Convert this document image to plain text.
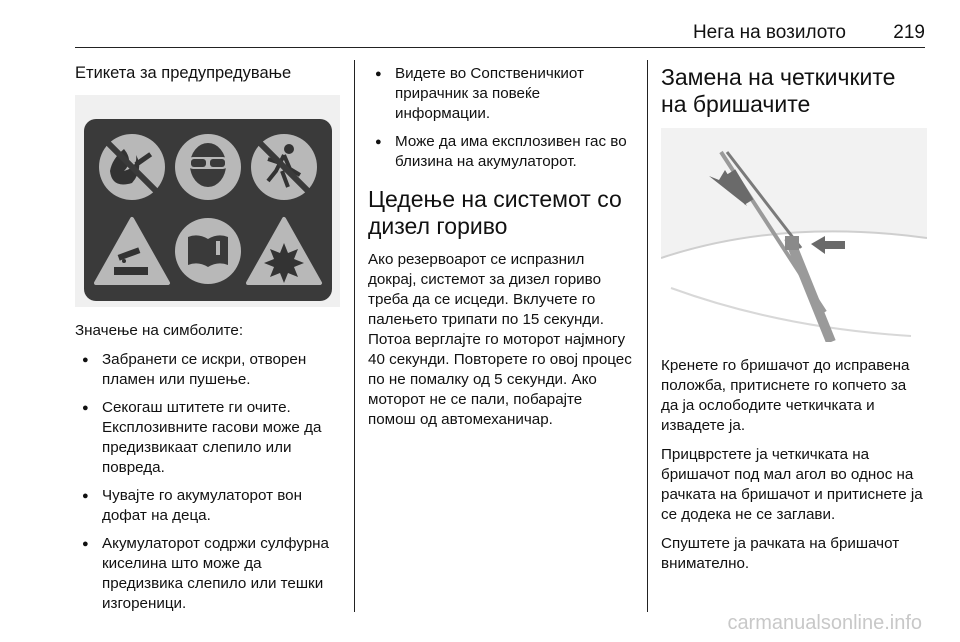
Нега на возилото 219
Етикета за предупредување

Значење на симболите:

● Забранети се искри, отворен пламен или пушење.
● Секогаш штитете ги очите. Експлозивните гасови може да предизвикаат слепило или повреда.
● Чувајте го акумулаторот вон дофат на деца.
● Акумулаторот содржи сулфурна киселина што може да предизвика слепило или тешки изгореници.
● Видете во Сопственичкиот прирачник за повеќе информации.
● Може да има експлозивен гас во близина на акумулаторот.
Цедење на системот со дизел гориво

Ако резервоарот се испразнил докрај, системот за дизел гориво треба да се исцеди. Вклучете го палењето трипати по 15 секунди. Потоа верглајте го моторот најмногу 40 секунди. Повторете го овој процес по не помалку од 5 секунди. Ако моторот не се пали, побарајте помош од автомеханичар.

Замена на четкичките на бришачите

Кренете го бришачот до исправена положба, притиснете го копчето за да ја ослободите четкичката и извадете ја.

Прицврстете ја четкичката на бришачот под мал агол во однос на рачката на бришачот и притиснете ја се додека не се заглави.

Спуштете ја рачката на бришачот внимателно.

carmanualsonline.info
